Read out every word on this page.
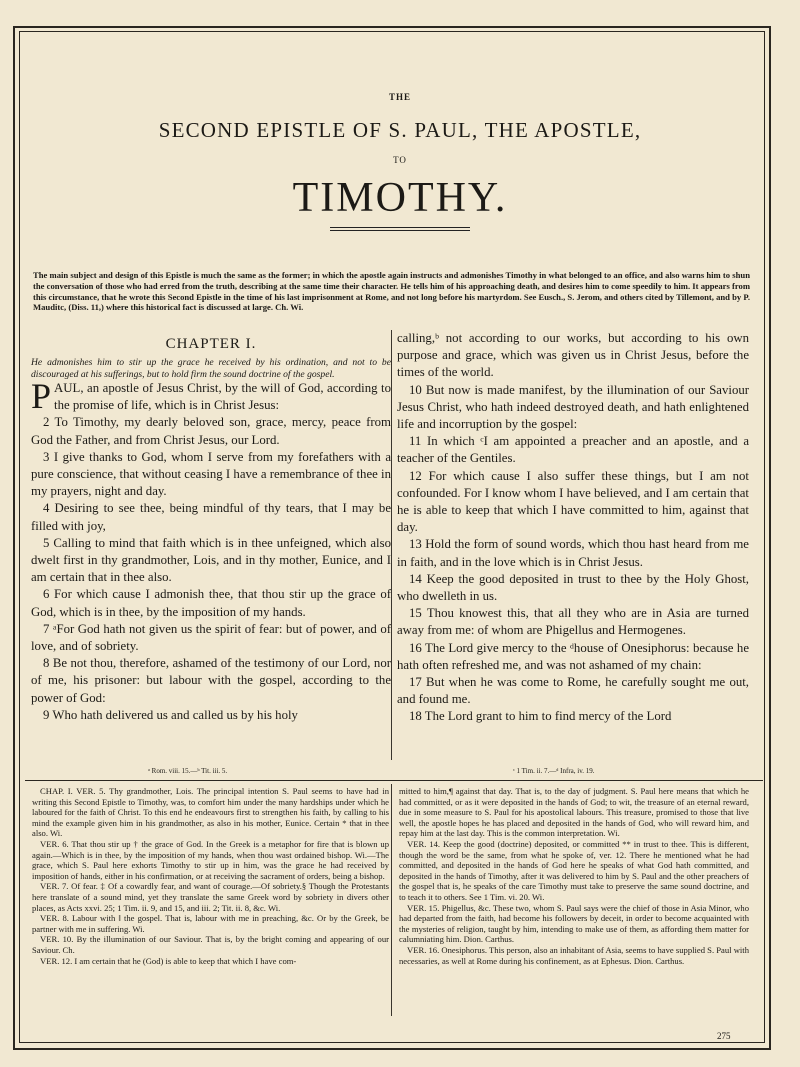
THE
SECOND EPISTLE OF S. PAUL, THE APOSTLE,
TO
TIMOTHY.
The main subject and design of this Epistle is much the same as the former; in which the apostle again instructs and admonishes Timothy in what belonged to an office, and also warns him to shun the conversation of those who had erred from the truth, describing at the same time their character. He tells him of his approaching death, and desires him to come speedily to him. It appears from this circumstance, that he wrote this Second Epistle in the time of his last imprisonment at Rome, and not long before his martyrdom. See Eusch., S. Jerom, and others cited by Tillemont, and by P. Mauditc, (Diss. 11,) where this historical fact is discussed at large. Ch. Wi.
CHAPTER I.

He admonishes him to stir up the grace he received by his ordination, and not to be discouraged at his sufferings, but to hold firm the sound doctrine of the gospel.

PAUL, an apostle of Jesus Christ, by the will of God, according to the promise of life, which is in Christ Jesus:

2 To Timothy, my dearly beloved son, grace, mercy, peace from God the Father, and from Christ Jesus, our Lord.

3 I give thanks to God, whom I serve from my forefathers with a pure conscience, that without ceasing I have a remembrance of thee in my prayers, night and day.

4 Desiring to see thee, being mindful of thy tears, that I may be filled with joy,

5 Calling to mind that faith which is in thee unfeigned, which also dwelt first in thy grandmother, Lois, and in thy mother, Eunice, and I am certain that in thee also.

6 For which cause I admonish thee, that thou stir up the grace of God, which is in thee, by the imposition of my hands.

7 ᵃFor God hath not given us the spirit of fear: but of power, and of love, and of sobriety.

8 Be not thou, therefore, ashamed of the testimony of our Lord, nor of me, his prisoner: but labour with the gospel, according to the power of God:

9 Who hath delivered us and called us by his holy

calling,ᵇ not according to our works, but according to his own purpose and grace, which was given us in Christ Jesus, before the times of the world.

10 But now is made manifest, by the illumination of our Saviour Jesus Christ, who hath indeed destroyed death, and hath enlightened life and incorruption by the gospel:

11 In which ᶜI am appointed a preacher and an apostle, and a teacher of the Gentiles.

12 For which cause I also suffer these things, but I am not confounded. For I know whom I have believed, and I am certain that he is able to keep that which I have committed to him, against that day.

13 Hold the form of sound words, which thou hast heard from me in faith, and in the love which is in Christ Jesus.

14 Keep the good deposited in trust to thee by the Holy Ghost, who dwelleth in us.

15 Thou knowest this, that all they who are in Asia are turned away from me: of whom are Phigellus and Hermogenes.

16 The Lord give mercy to the ᵈhouse of Onesiphorus: because he hath often refreshed me, and was not ashamed of my chain:

17 But when he was come to Rome, he carefully sought me out, and found me.

18 The Lord grant to him to find mercy of the Lord

ᵃ Rom. viii. 15.—ᵇ Tit. iii. 5.	ᶜ 1 Tim. ii. 7.—ᵈ Infra, iv. 19.

CHAP. I. VER. 5. Thy grandmother, Lois. The principal intention S. Paul seems to have had in writing this Second Epistle to Timothy, was, to comfort him under the many hardships under which he laboured for the faith of Christ. To this end he endeavours first to strengthen his faith, by calling to his mind the example given him in his grandmother, as also in his mother, Eunice. Certain * that in thee also. Wi.

VER. 6. That thou stir up † the grace of God. In the Greek is a metaphor for fire that is blown up again.—Which is in thee, by the imposition of my hands, when thou wast ordained bishop. Wi.—The grace, which S. Paul here exhorts Timothy to stir up in him, was the grace he had received by imposition of hands, either in his confirmation, or at receiving the sacrament of orders, being a bishop.

VER. 7. Of fear. ‡ Of a cowardly fear, and want of courage.—Of sobriety.§ Though the Protestants here translate of a sound mind, yet they translate the same Greek word by sobriety in divers other places, as Acts xxvi. 25; 1 Tim. ii. 9, and 15, and iii. 2; Tit. ii. 8, &c. Wi.

VER. 8. Labour with ‖ the gospel. That is, labour with me in preaching, &c. Or by the Greek, be partner with me in suffering. Wi.

VER. 10. By the illumination of our Saviour. That is, by the bright coming and appearing of our Saviour. Ch.

VER. 12. I am certain that he (God) is able to keep that which I have com-

mitted to him,¶ against that day. That is, to the day of judgment. S. Paul here means that which he had committed, or as it were deposited in the hands of God; to wit, the treasure of an eternal reward, due in some measure to S. Paul for his apostolical labours. This treasure, promised to those that live well, the apostle hopes he has placed and deposited in the hands of God, who will reward him, and repay him at the last day. This is the common interpretation. Wi.

VER. 14. Keep the good (doctrine) deposited, or committed ** in trust to thee. This is different, though the word be the same, from what he spoke of, ver. 12. There he mentioned what he had committed, and deposited in the hands of God here he speaks of what God hath committed, and deposited in the hands of Timothy, after it was delivered to him by S. Paul and the other preachers of the gospel that is, he speaks of the care Timothy must take to preserve the same sound doctrine, and to teach it to others. See 1 Tim. vi. 20. Wi.

VER. 15. Phigellus, &c. These two, whom S. Paul says were the chief of those in Asia Minor, who had departed from the faith, had become his followers by deceit, in order to become acquainted with the mysteries of religion, taught by him, intending to make use of them, as affording them matter for calumniating him. Dion. Carthus.

VER. 16. Onesiphorus. This person, also an inhabitant of Asia, seems to have supplied S. Paul with necessaries, as well at Rome during his confinement, as at Ephesus. Dion. Carthus.

275
